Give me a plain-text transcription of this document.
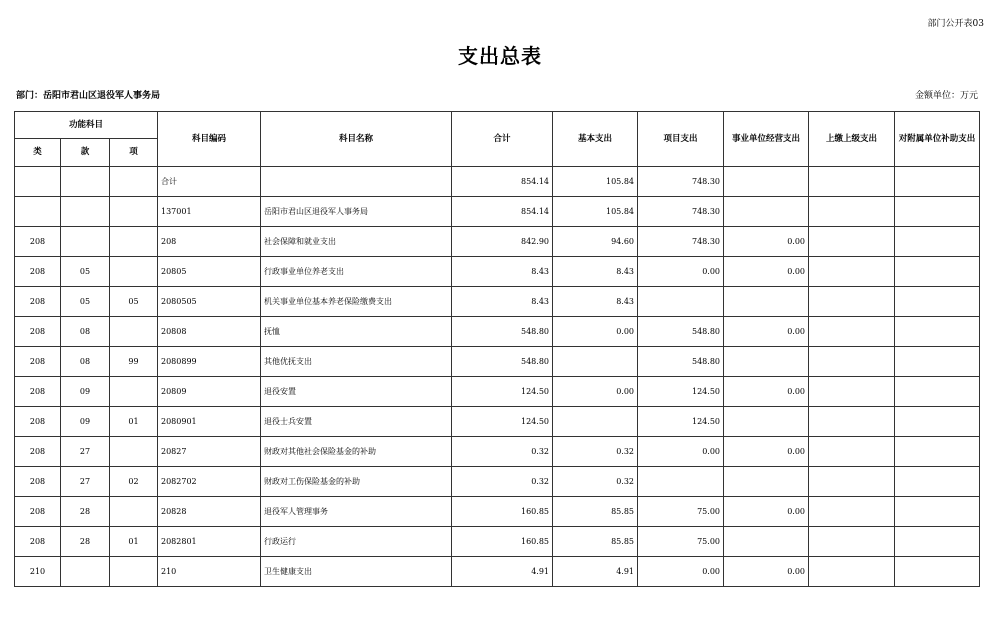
部门公开表03
支出总表
部门：岳阳市君山区退役军人事务局	金额单位：万元
功能科目			科目编码	科目名称	合计	基本支出	项目支出	事业单位经营支出	上缴上级支出	对附属单位补助支出
类	款	项								
			合计		854.14	105.84	748.30			
			137001	岳阳市君山区退役军人事务局	854.14	105.84	748.30			
208			208	社会保障和就业支出	842.90	94.60	748.30	0.00		
208	05		20805	行政事业单位养老支出	8.43	8.43	0.00	0.00		
208	05	05	2080505	机关事业单位基本养老保险缴费支出	8.43	8.43				
208	08		20808	抚恤	548.80	0.00	548.80	0.00		
208	08	99	2080899	其他优抚支出	548.80		548.80			
208	09		20809	退役安置	124.50	0.00	124.50	0.00		
208	09	01	2080901	退役士兵安置	124.50		124.50			
208	27		20827	财政对其他社会保险基金的补助	0.32	0.32	0.00	0.00		
208	27	02	2082702	财政对工伤保险基金的补助	0.32	0.32				
208	28		20828	退役军人管理事务	160.85	85.85	75.00	0.00		
208	28	01	2082801	行政运行	160.85	85.85	75.00			
210			210	卫生健康支出	4.91	4.91	0.00	0.00		
